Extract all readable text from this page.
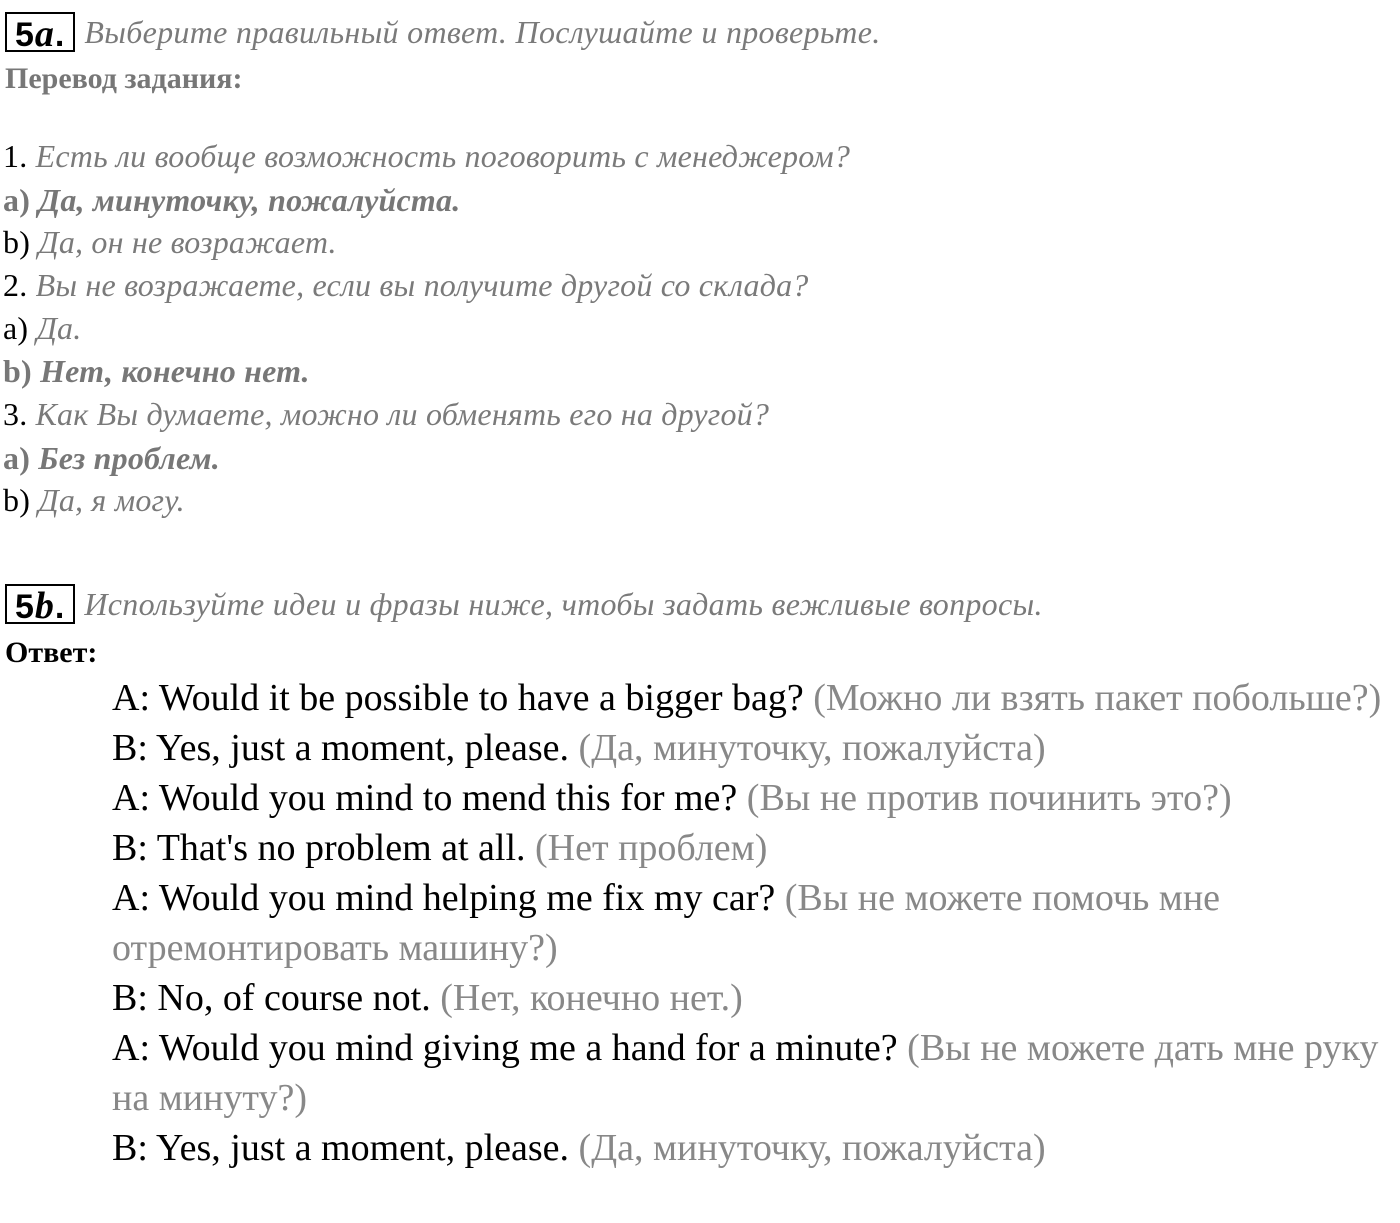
5a. Выберите правильный ответ. Послушайте и проверьте.
Перевод задания:
1. Есть ли вообще возможность поговорить с менеджером?
a) Да, минуточку, пожалуйста.
b) Да, он не возражает.
2. Вы не возражаете, если вы получите другой со склада?
a) Да.
b) Нет, конечно нет.
3. Как Вы думаете, можно ли обменять его на другой?
a) Без проблем.
b) Да, я могу.
5b. Используйте идеи и фразы ниже, чтобы задать вежливые вопросы.
Ответ:

A: Would it be possible to have a bigger bag? (Можно ли взять пакет побольше?)

B: Yes, just a moment, please. (Да, минуточку, пожалуйста)

A: Would you mind to mend this for me? (Вы не против починить это?)

B: That's no problem at all. (Нет проблем)

A: Would you mind helping me fix my car? (Вы не можете помочь мне отремонтировать машину?)

B: No, of course not. (Нет, конечно нет.)

A: Would you mind giving me a hand for a minute? (Вы не можете дать мне руку на минуту?)

B: Yes, just a moment, please. (Да, минуточку, пожалуйста)
